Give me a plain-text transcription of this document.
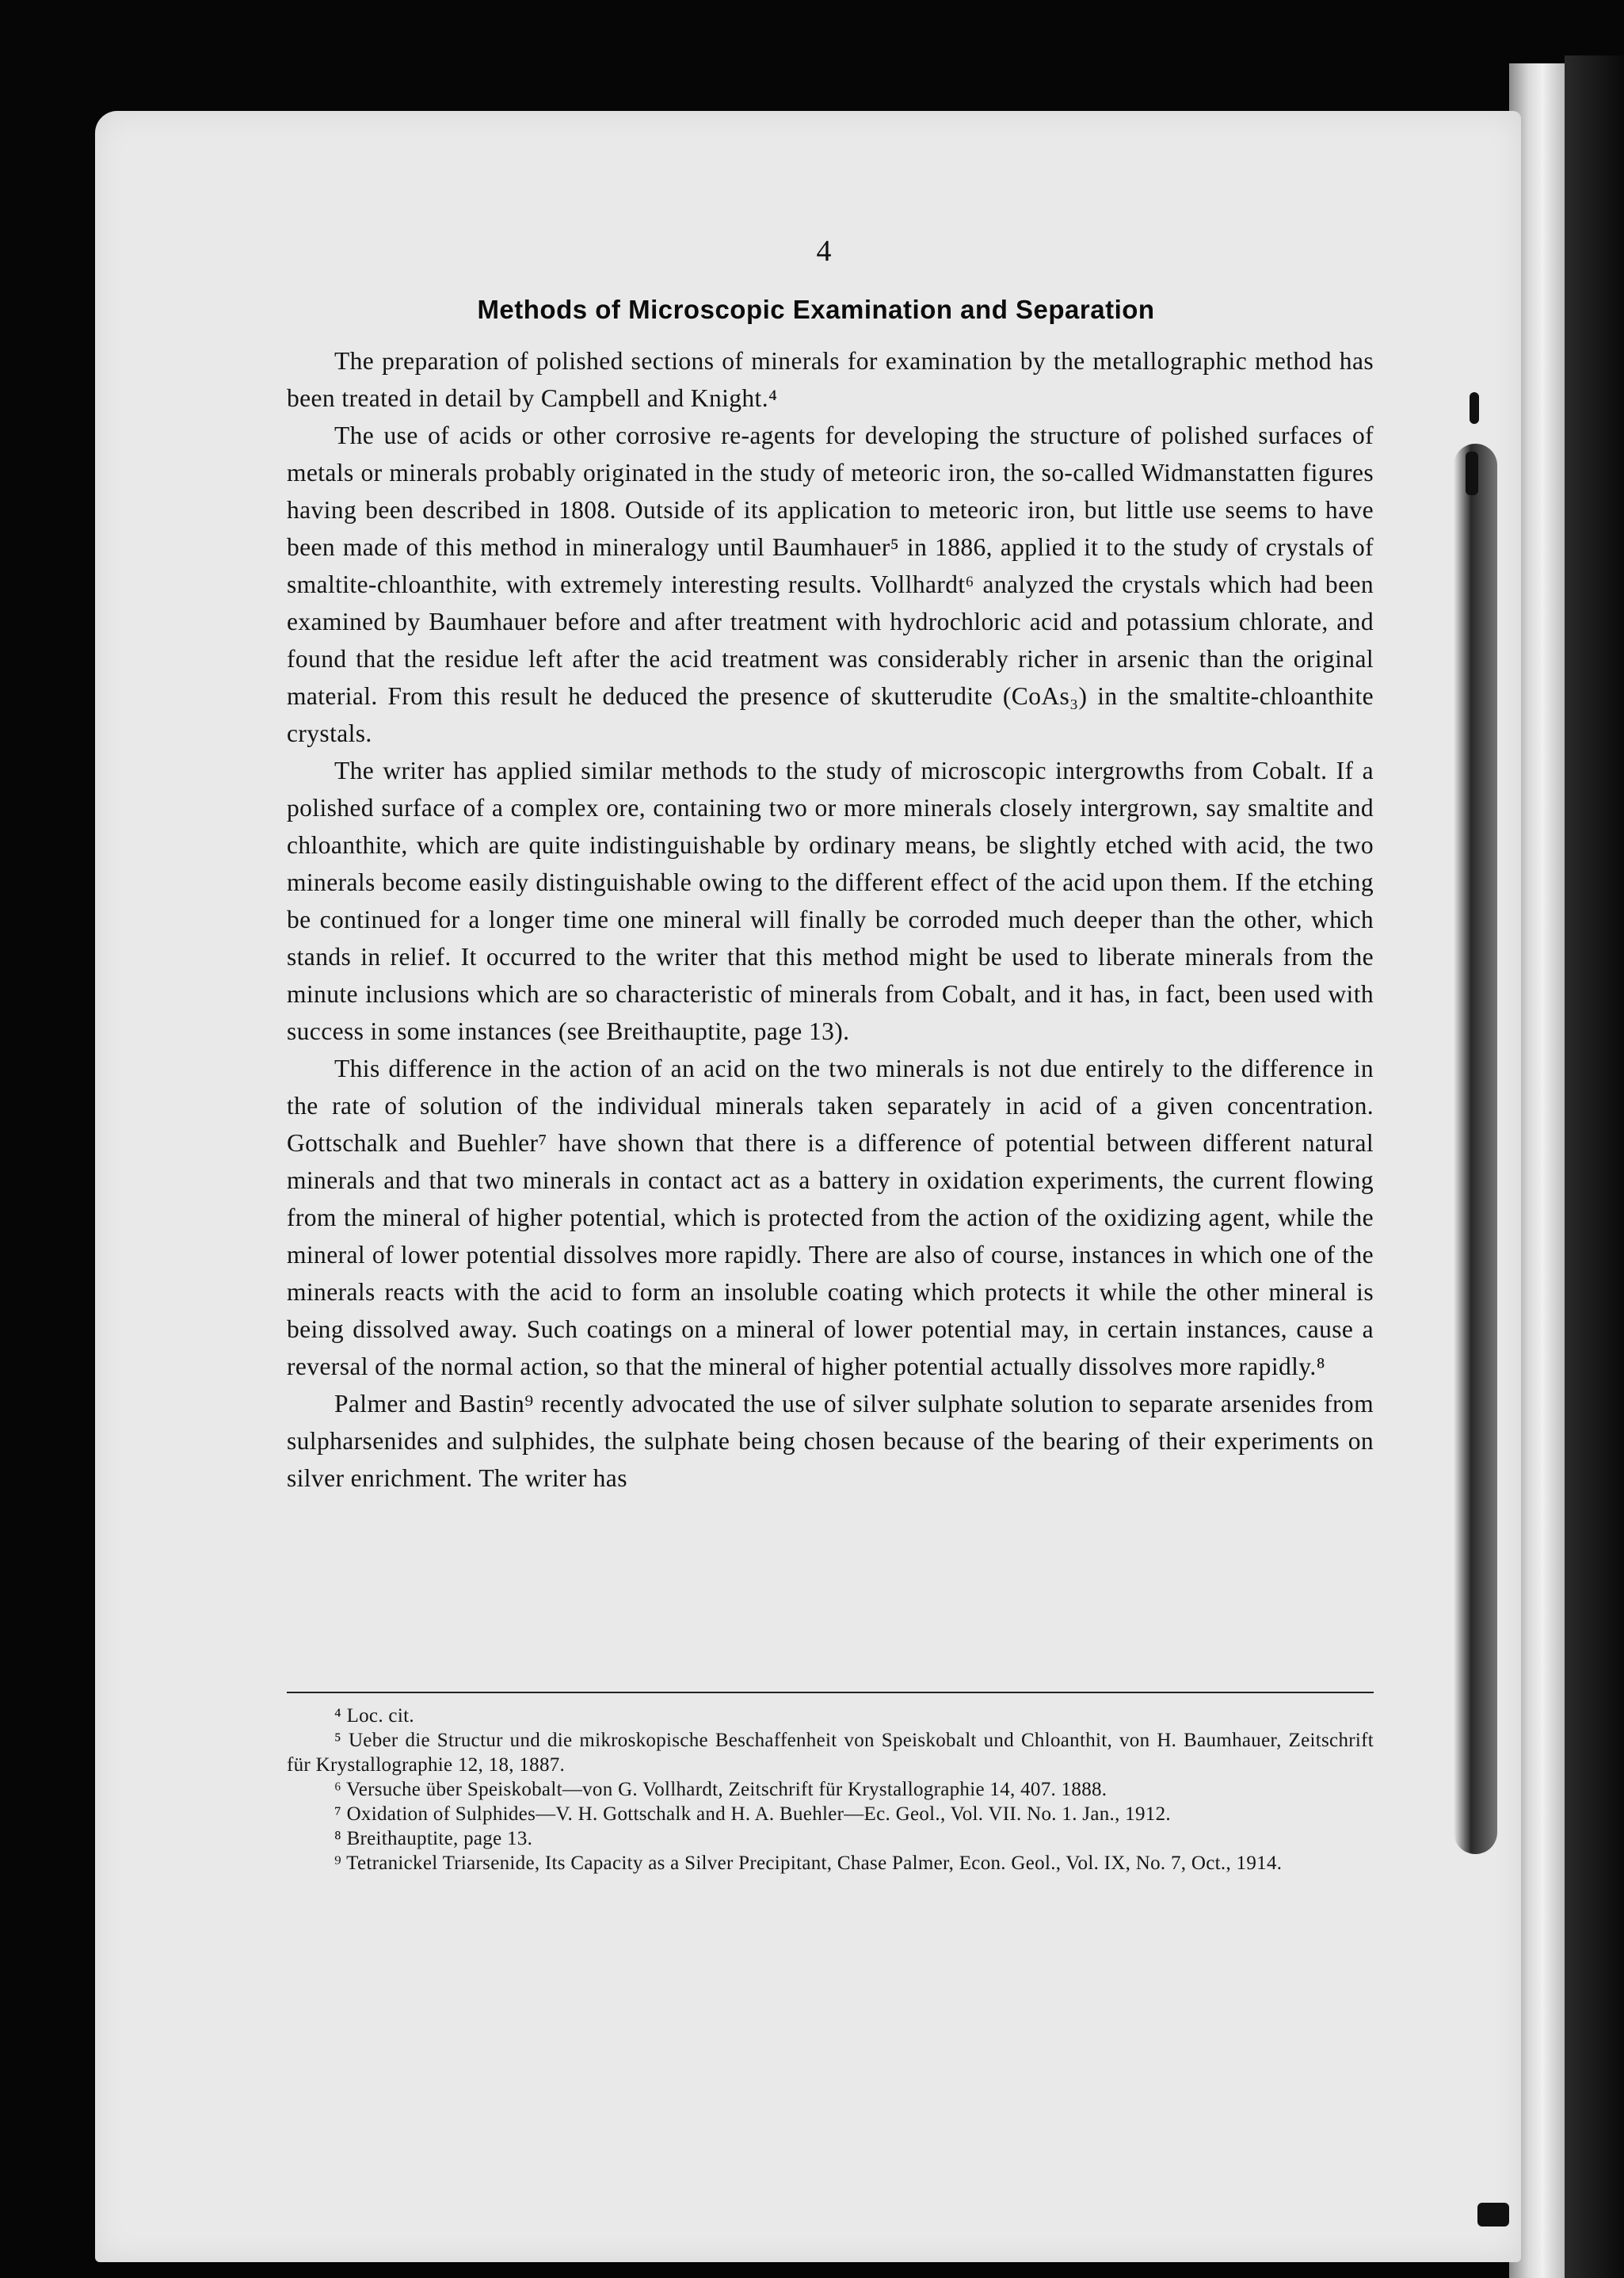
4
Methods of Microscopic Examination and Separation

The preparation of polished sections of minerals for examination by the metallographic method has been treated in detail by Campbell and Knight.⁴

The use of acids or other corrosive re-agents for developing the structure of polished surfaces of metals or minerals probably originated in the study of meteoric iron, the so-called Widmanstatten figures having been described in 1808. Outside of its application to meteoric iron, but little use seems to have been made of this method in mineralogy until Baumhauer⁵ in 1886, applied it to the study of crystals of smaltite-chloanthite, with extremely interesting results. Vollhardt⁶ analyzed the crystals which had been examined by Baumhauer before and after treatment with hydrochloric acid and potassium chlorate, and found that the residue left after the acid treatment was considerably richer in arsenic than the original material. From this result he deduced the presence of skutterudite (CoAs₃) in the smaltite-chloanthite crystals.

The writer has applied similar methods to the study of microscopic intergrowths from Cobalt. If a polished surface of a complex ore, containing two or more minerals closely intergrown, say smaltite and chloanthite, which are quite indistinguishable by ordinary means, be slightly etched with acid, the two minerals become easily distinguishable owing to the different effect of the acid upon them. If the etching be continued for a longer time one mineral will finally be corroded much deeper than the other, which stands in relief. It occurred to the writer that this method might be used to liberate minerals from the minute inclusions which are so characteristic of minerals from Cobalt, and it has, in fact, been used with success in some instances (see Breithauptite, page 13).

This difference in the action of an acid on the two minerals is not due entirely to the difference in the rate of solution of the individual minerals taken separately in acid of a given concentration. Gottschalk and Buehler⁷ have shown that there is a difference of potential between different natural minerals and that two minerals in contact act as a battery in oxidation experiments, the current flowing from the mineral of higher potential, which is protected from the action of the oxidizing agent, while the mineral of lower potential dissolves more rapidly. There are also of course, instances in which one of the minerals reacts with the acid to form an insoluble coating which protects it while the other mineral is being dissolved away. Such coatings on a mineral of lower potential may, in certain instances, cause a reversal of the normal action, so that the mineral of higher potential actually dissolves more rapidly.⁸

Palmer and Bastin⁹ recently advocated the use of silver sulphate solution to separate arsenides from sulpharsenides and sulphides, the sulphate being chosen because of the bearing of their experiments on silver enrichment. The writer has

⁴ Loc. cit.

⁵ Ueber die Structur und die mikroskopische Beschaffenheit von Speiskobalt und Chloanthit, von H. Baumhauer, Zeitschrift für Krystallographie 12, 18, 1887.

⁶ Versuche über Speiskobalt—von G. Vollhardt, Zeitschrift für Krystallographie 14, 407. 1888.

⁷ Oxidation of Sulphides—V. H. Gottschalk and H. A. Buehler—Ec. Geol., Vol. VII. No. 1. Jan., 1912.

⁸ Breithauptite, page 13.

⁹ Tetranickel Triarsenide, Its Capacity as a Silver Precipitant, Chase Palmer, Econ. Geol., Vol. IX, No. 7, Oct., 1914.
